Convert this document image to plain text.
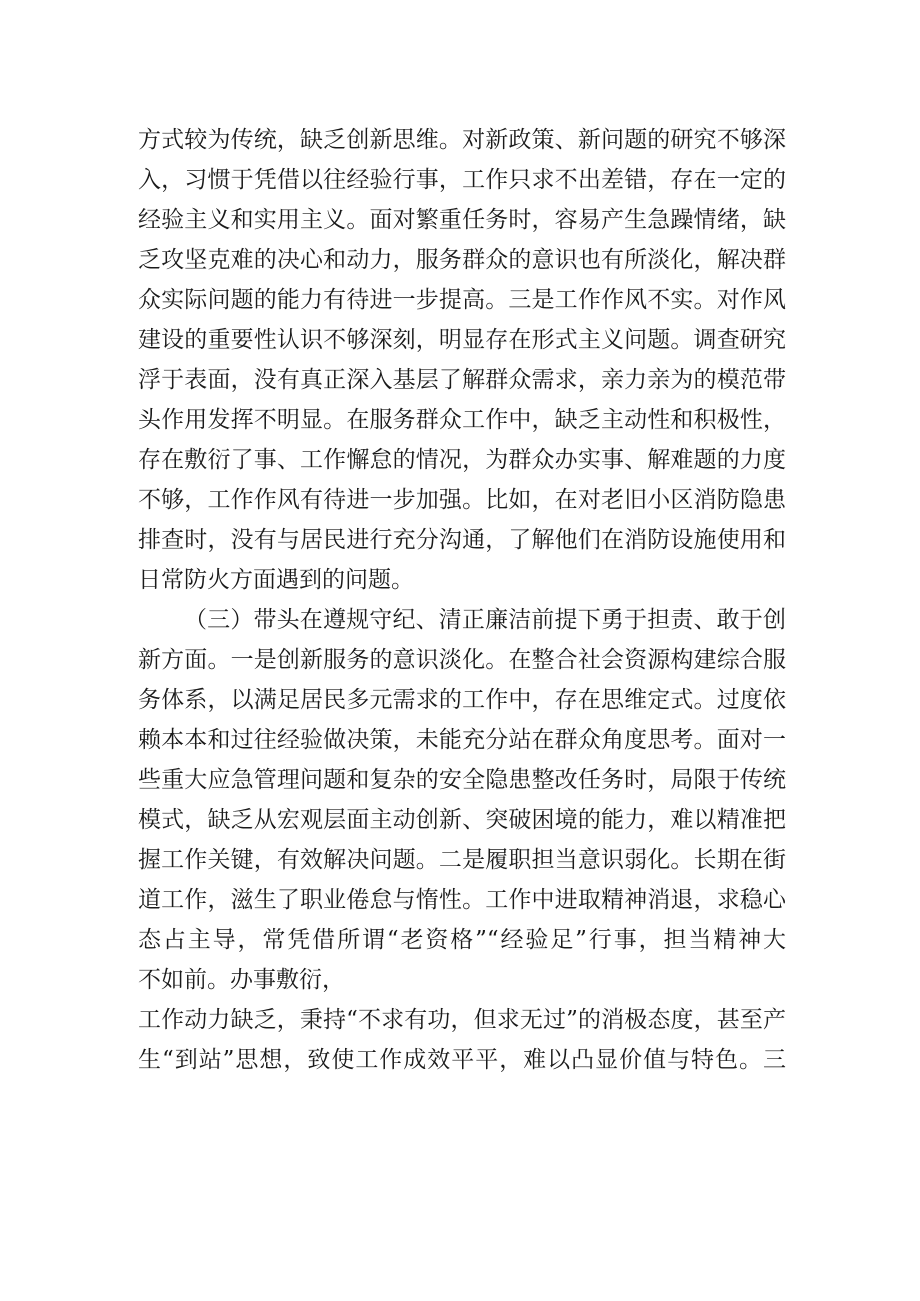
方式较为传统，缺乏创新思维。对新政策、新问题的研究不够深
入，习惯于凭借以往经验行事，工作只求不出差错，存在一定的
经验主义和实用主义。面对繁重任务时，容易产生急躁情绪，缺
乏攻坚克难的决心和动力，服务群众的意识也有所淡化，解决群
众实际问题的能力有待进一步提高。三是工作作风不实。对作风
建设的重要性认识不够深刻，明显存在形式主义问题。调查研究
浮于表面，没有真正深入基层了解群众需求，亲力亲为的模范带
头作用发挥不明显。在服务群众工作中，缺乏主动性和积极性，
存在敷衍了事、工作懈怠的情况，为群众办实事、解难题的力度
不够，工作作风有待进一步加强。比如，在对老旧小区消防隐患
排查时，没有与居民进行充分沟通，了解他们在消防设施使用和
日常防火方面遇到的问题。
（三）带头在遵规守纪、清正廉洁前提下勇于担责、敢于创
新方面。一是创新服务的意识淡化。在整合社会资源构建综合服
务体系，以满足居民多元需求的工作中，存在思维定式。过度依
赖本本和过往经验做决策，未能充分站在群众角度思考。面对一
些重大应急管理问题和复杂的安全隐患整改任务时，局限于传统
模式，缺乏从宏观层面主动创新、突破困境的能力，难以精准把
握工作关键，有效解决问题。二是履职担当意识弱化。长期在街
道工作，滋生了职业倦怠与惰性。工作中进取精神消退，求稳心
态占主导，常凭借所谓“老资格”“经验足”行事，担当精神大
不如前。办事敷衍，
工作动力缺乏，秉持“不求有功，但求无过”的消极态度，甚至产
生“到站”思想，致使工作成效平平，难以凸显价值与特色。三
